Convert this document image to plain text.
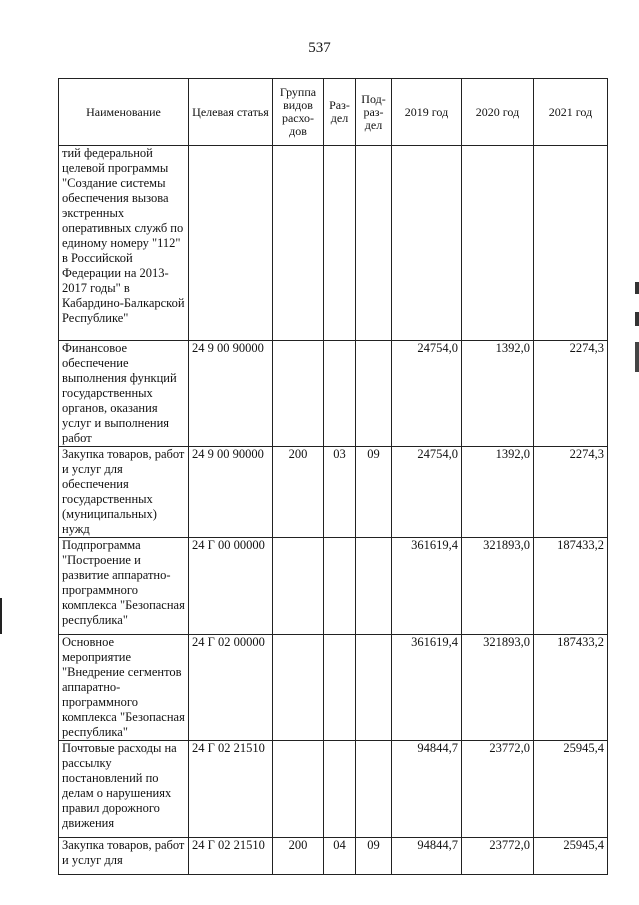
537
Наименование	Целевая статья	Группа видов расхо-дов	Раз-дел	Под-раз-дел	2019 год	2020 год	2021 год
тий федеральной целевой программы "Создание системы обеспечения вызова экстренных оперативных служб по единому номеру "112" в Российской Федерации на 2013-2017 годы" в Кабардино-Балкарской Республике"							
Финансовое обеспечение выполнения функций государственных органов, оказания услуг и выполнения работ	24 9 00 90000				24754,0	1392,0	2274,3
Закупка товаров, работ и услуг для обеспечения государственных (муниципальных) нужд	24 9 00 90000	200	03	09	24754,0	1392,0	2274,3
Подпрограмма "Построение и развитие аппаратно-программного комплекса "Безопасная республика"	24 Г 00 00000				361619,4	321893,0	187433,2
Основное мероприятие "Внедрение сегментов аппаратно-программного комплекса "Безопасная республика"	24 Г 02 00000				361619,4	321893,0	187433,2
Почтовые расходы на рассылку постановлений по делам о нарушениях правил дорожного движения	24 Г 02 21510				94844,7	23772,0	25945,4
Закупка товаров, работ и услуг для	24 Г 02 21510	200	04	09	94844,7	23772,0	25945,4
